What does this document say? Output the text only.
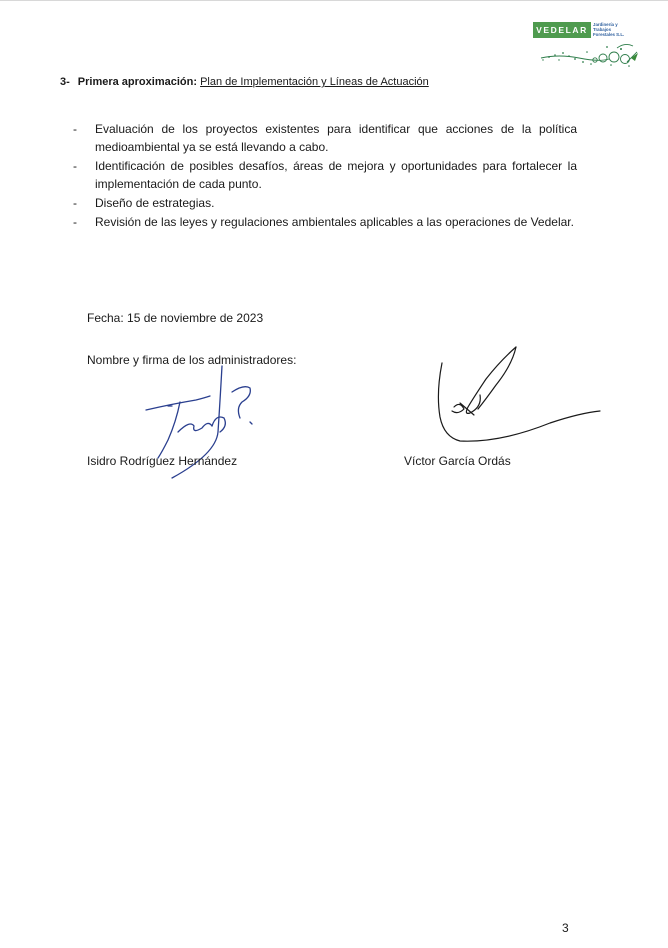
VEDELAR
Jardinería y
Trabajos
Forestales S.L.
3- Primera aproximación: Plan de Implementación y Líneas de Actuación
- Evaluación de los proyectos existentes para identificar que acciones de la política medioambiental ya se está llevando a cabo.
- Identificación de posibles desafíos, áreas de mejora y oportunidades para fortalecer la implementación de cada punto.
- Diseño de estrategias.
- Revisión de las leyes y regulaciones ambientales aplicables a las operaciones de Vedelar.
Fecha: 15 de noviembre de 2023
Nombre y firma de los administradores:
Isidro Rodríguez Hernández	Víctor García Ordás
3
